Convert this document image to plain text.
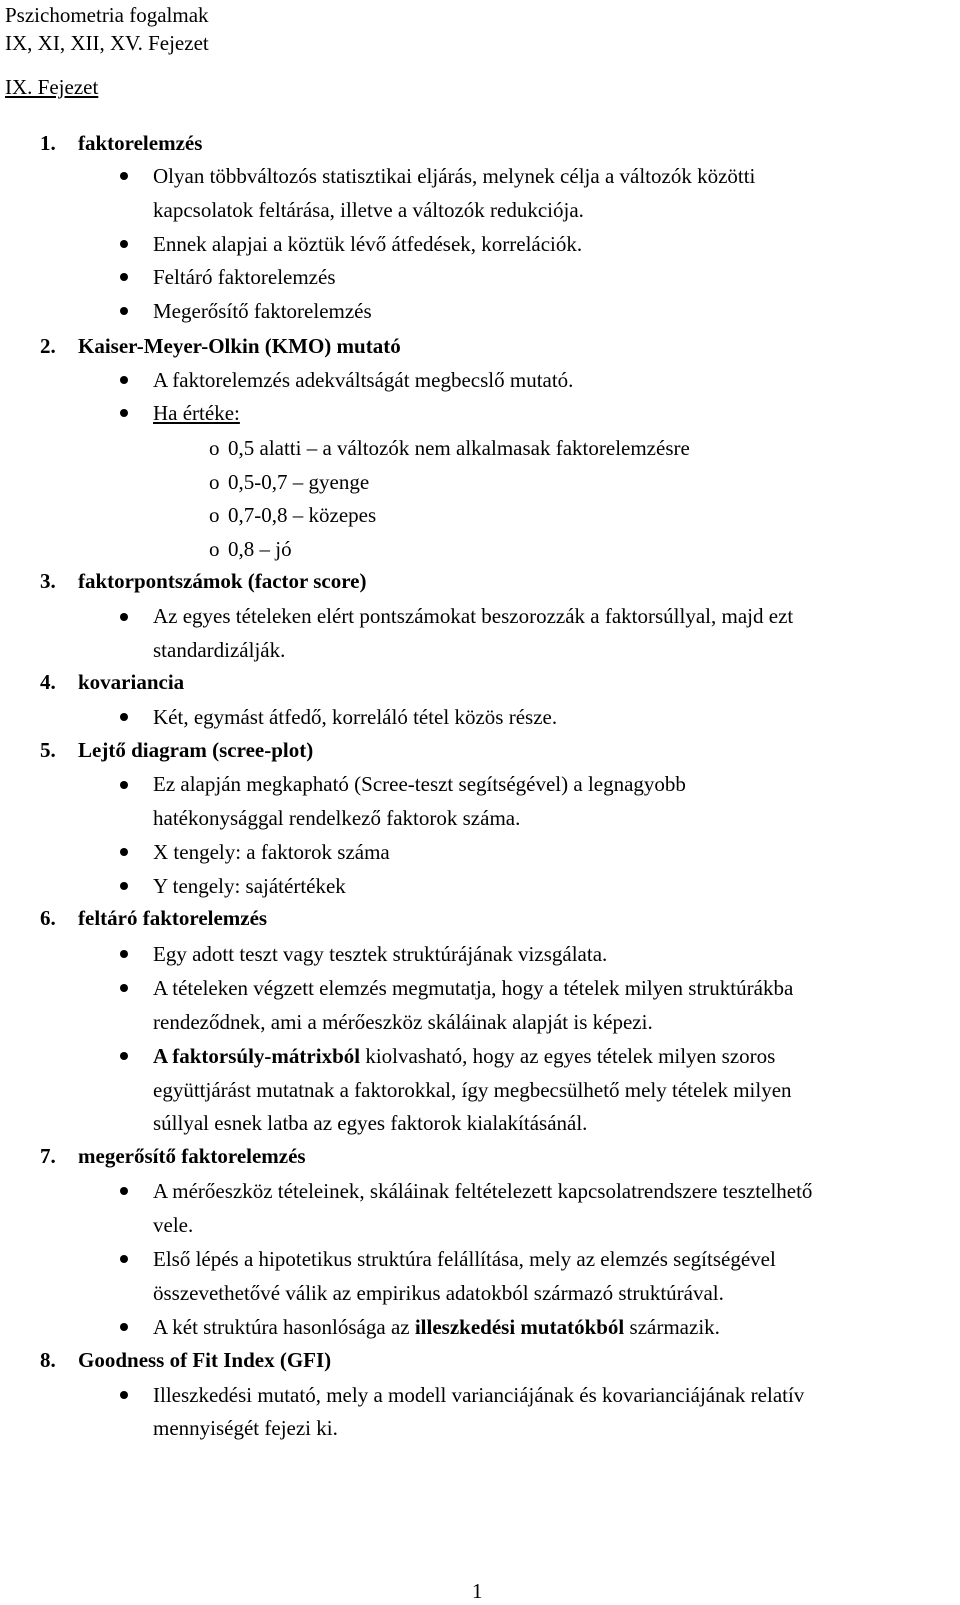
Pszichometria fogalmak
IX, XI, XII, XV. Fejezet
IX. Fejezet
1. faktorelemzés
Olyan többváltozós statisztikai eljárás, melynek célja a változók közötti
kapcsolatok feltárása, illetve a változók redukciója.
Ennek alapjai a köztük lévő átfedések, korrelációk.
Feltáró faktorelemzés
Megerősítő faktorelemzés
2. Kaiser-Meyer-Olkin (KMO) mutató
A faktorelemzés adekváltságát megbecslő mutató.
Ha értéke:
o 0,5 alatti – a változók nem alkalmasak faktorelemzésre
o 0,5-0,7 – gyenge
o 0,7-0,8 – közepes
o 0,8 – jó
3. faktorpontszámok (factor score)
Az egyes tételeken elért pontszámokat beszorozzák a faktorsúllyal, majd ezt
standardizálják.
4. kovariancia
Két, egymást átfedő, korreláló tétel közös része.
5. Lejtő diagram (scree-plot)
Ez alapján megkapható (Scree-teszt segítségével) a legnagyobb
hatékonysággal rendelkező faktorok száma.
X tengely: a faktorok száma
Y tengely: sajátértékek
6. feltáró faktorelemzés
Egy adott teszt vagy tesztek struktúrájának vizsgálata.
A tételeken végzett elemzés megmutatja, hogy a tételek milyen struktúrákba
rendeződnek, ami a mérőeszköz skáláinak alapját is képezi.
A faktorsúly-mátrixból kiolvasható, hogy az egyes tételek milyen szoros
együttjárást mutatnak a faktorokkal, így megbecsülhető mely tételek milyen
súllyal esnek latba az egyes faktorok kialakításánál.
7. megerősítő faktorelemzés
A mérőeszköz tételeinek, skáláinak feltételezett kapcsolatrendszere tesztelhető
vele.
Első lépés a hipotetikus struktúra felállítása, mely az elemzés segítségével
összevethetővé válik az empirikus adatokból származó struktúrával.
A két struktúra hasonlósága az illeszkedési mutatókból származik.
8. Goodness of Fit Index (GFI)
Illeszkedési mutató, mely a modell varianciájának és kovarianciájának relatív
mennyiségét fejezi ki.
1
